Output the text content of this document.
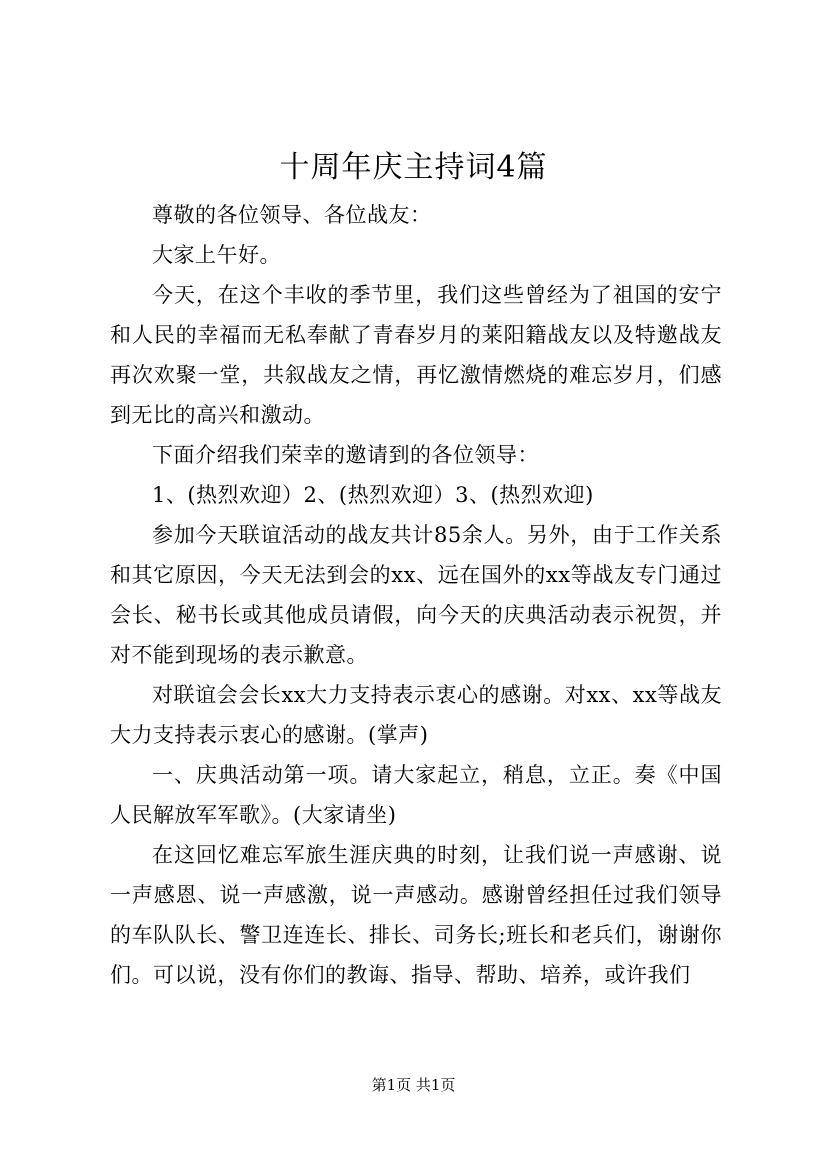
十周年庆主持词4篇

尊敬的各位领导、各位战友：

大家上午好。

今天，在这个丰收的季节里，我们这些曾经为了祖国的安宁和人民的幸福而无私奉献了青春岁月的莱阳籍战友以及特邀战友再次欢聚一堂，共叙战友之情，再忆激情燃烧的难忘岁月，们感到无比的高兴和激动。

下面介绍我们荣幸的邀请到的各位领导：

1、(热烈欢迎）2、(热烈欢迎）3、(热烈欢迎)

参加今天联谊活动的战友共计85余人。另外，由于工作关系和其它原因，今天无法到会的xx、远在国外的xx等战友专门通过会长、秘书长或其他成员请假，向今天的庆典活动表示祝贺，并对不能到现场的表示歉意。

对联谊会会长xx大力支持表示衷心的感谢。对xx、xx等战友大力支持表示衷心的感谢。(掌声)

一、庆典活动第一项。请大家起立，稍息，立正。奏《中国人民解放军军歌》。(大家请坐)

在这回忆难忘军旅生涯庆典的时刻，让我们说一声感谢、说一声感恩、说一声感激，说一声感动。感谢曾经担任过我们领导的车队队长、警卫连连长、排长、司务长;班长和老兵们，谢谢你们。可以说，没有你们的教诲、指导、帮助、培养，或许我们

第1页 共1页
